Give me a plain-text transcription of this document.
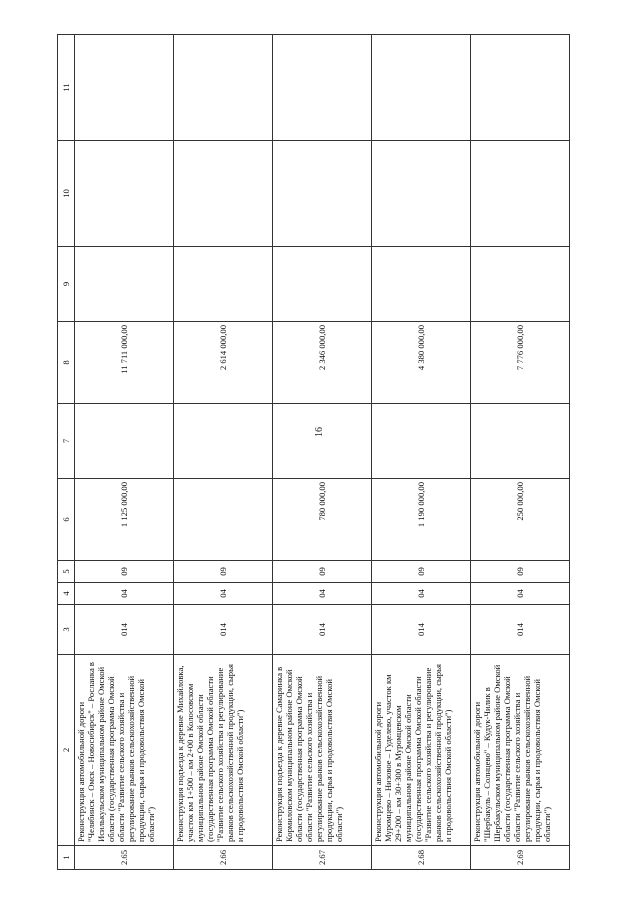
16
1	2	3	4	5	6	7	8	9	10	11
2.65	Реконструкция автомобильной дороги "Челябинск – Омск – Новосибирск" – Росланка в Исилькульском муниципальном районе Омской области (государственная программа Омской области "Развитие сельского хозяйства и регулирование рынков сельскохозяйственной продукции, сырья и продовольствия Омской области")	014	04	09	1 125 000,00		11 711 000,00			
2.66	Реконструкция подъезда к деревне Михайловка, участок км 1+500 – км 2+00 в Колосовском муниципальном районе Омской области (государственная программа Омской области "Развитие сельского хозяйства и регулирование рынков сельскохозяйственной продукции, сырья и продовольствия Омской области")	014	04	09			2 614 000,00			
2.67	Реконструкция подъезда к деревне Самаринка в Кормиловском муниципальном районе Омской области (государственная программа Омской области "Развитие сельского хозяйства и регулирование рынков сельскохозяйственной продукции, сырья и продовольствия Омской области")	014	04	09	780 000,00		2 346 000,00			
2.68	Реконструкция автомобильной дороги Муромцево – Низовое – Гуделево, участок км 29+200 – км 30+300 в Муромцевском муниципальном районе Омской области (государственная программа Омской области "Развитие сельского хозяйства и регулирование рынков сельскохозяйственной продукции, сырья и продовольствия Омской области")	014	04	09	1 190 000,00		4 380 000,00			
2.69	Реконструкция автомобильной дороги "Шербакуль – Солнцево" – Кудук-Чилик в Шербакульском муниципальном районе Омской области (государственная программа Омской области "Развитие сельского хозяйства и регулирование рынков сельскохозяйственной продукции, сырья и продовольствия Омской области")	014	04	09	250 000,00		7 776 000,00			
